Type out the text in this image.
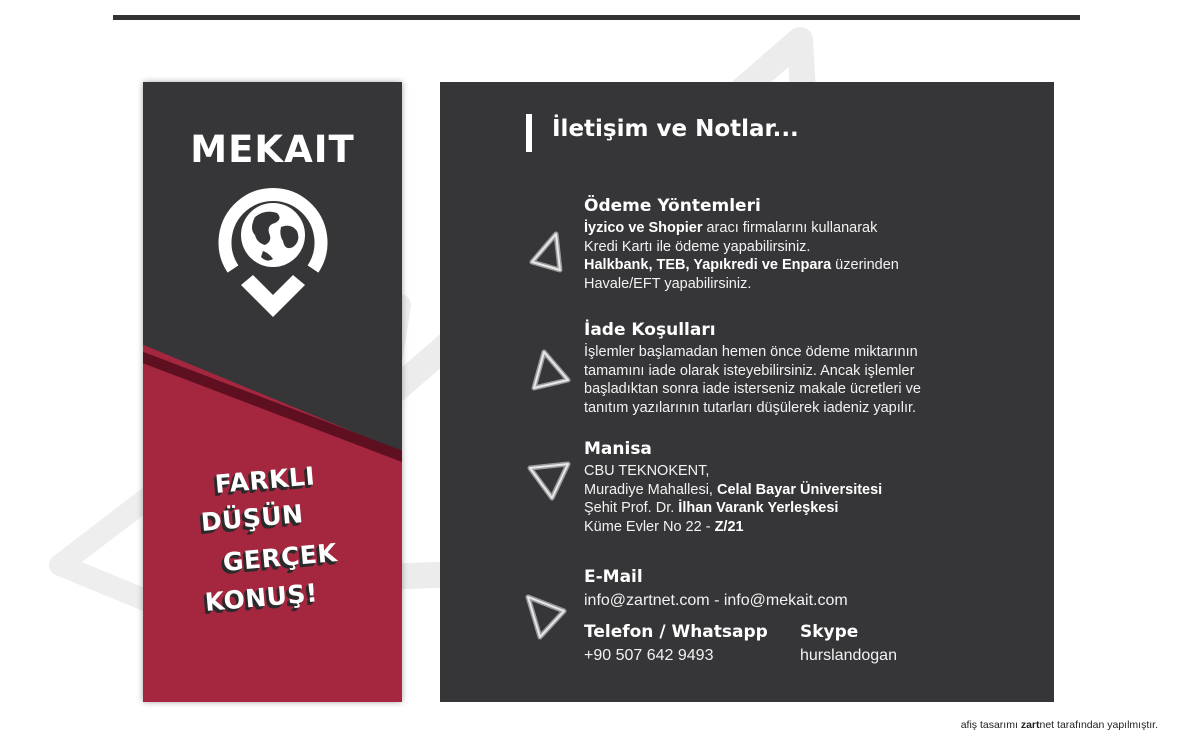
MEKAIT
FARKLI
DÜŞÜN
GERÇEK
KONUŞ!
İletişim ve Notlar...
Ödeme Yöntemleri
İyzico ve Shopier aracı firmalarını kullanarak
Kredi Kartı ile ödeme yapabilirsiniz.
Halkbank, TEB, Yapıkredi ve Enpara üzerinden
Havale/EFT yapabilirsiniz.
İade Koşulları
İşlemler başlamadan hemen önce ödeme miktarının
tamamını iade olarak isteyebilirsiniz. Ancak işlemler
başladıktan sonra iade isterseniz makale ücretleri ve
tanıtım yazılarının tutarları düşülerek iadeniz yapılır.
Manisa
CBU TEKNOKENT,
Muradiye Mahallesi, Celal Bayar Üniversitesi
Şehit Prof. Dr. İlhan Varank Yerleşkesi
Küme Evler No 22 - Z/21
E-Mail
info@zartnet.com - info@mekait.com
Telefon / Whatsapp
+90 507 642 9493
Skype
hurslandogan
afiş tasarımı zartnet tarafından yapılmıştır.
